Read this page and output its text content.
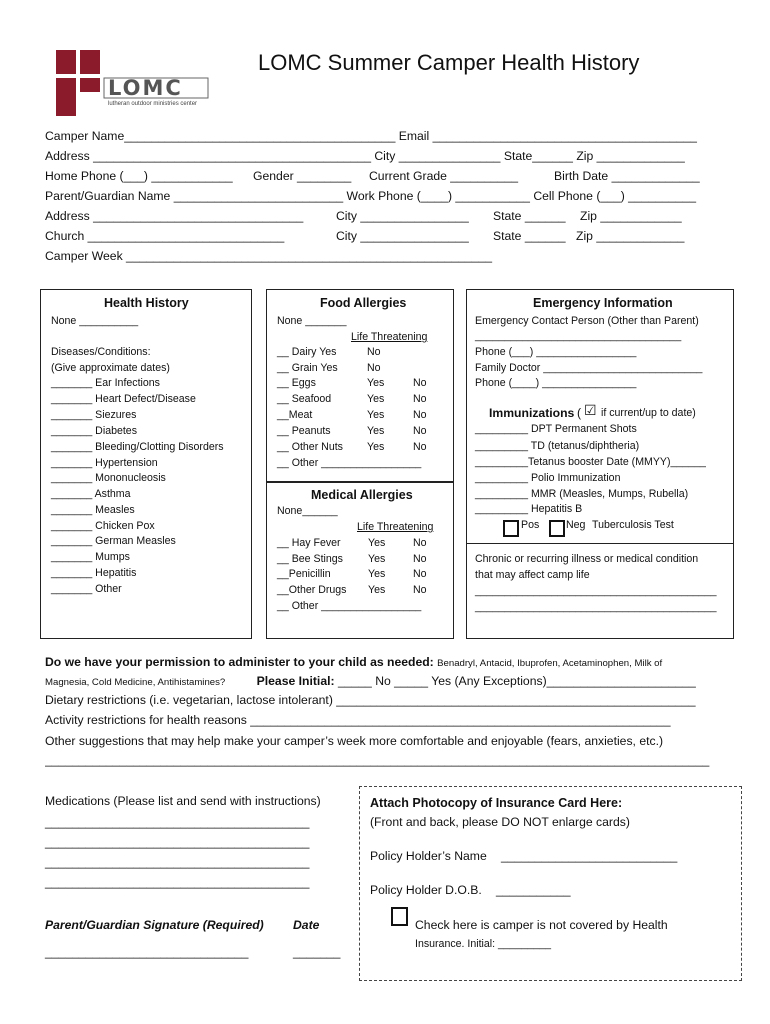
LOMC
lutheran outdoor ministries center
LOMC Summer Camper Health History
Camper Name________________________________________ Email _______________________________________
Address _________________________________________ City _______________ State______ Zip _____________
Home Phone (___) ____________ Gender ________ Current Grade __________	Birth Date _____________
Parent/Guardian Name _________________________ Work Phone (____) ___________ Cell Phone (___) __________
Address _______________________________	City ________________ State ______ Zip ____________
Church _____________________________	City ________________ State ______ Zip _____________
Camper Week ______________________________________________________
Health History
None __________
Diseases/Conditions:
(Give approximate dates)
_______ Ear Infections
_______ Heart Defect/Disease
_______ Siezures
_______ Diabetes
_______ Bleeding/Clotting Disorders
_______ Hypertension
_______ Mononucleosis
_______ Asthma
_______ Measles
_______ Chicken Pox
_______ German Measles
_______ Mumps
_______ Hepatitis
_______ Other
Food Allergies
None _______
Life Threatening
__ Dairy Yes	No
__ Grain Yes	No
__ Eggs	Yes	No
__ Seafood	Yes	No
__Meat	Yes	No
__ Peanuts	Yes	No
__ Other Nuts Yes	No
__ Other _________________
Medical Allergies
None______
Life Threatening
__ Hay Fever	Yes	No
__ Bee Stings Yes	No
__Penicillin	Yes	No
__Other Drugs Yes	No
__ Other _________________
Emergency Information
Emergency Contact Person (Other than Parent)
___________________________________
Phone (___) _________________
Family Doctor ___________________________
Phone (____) ________________
Immunizations ( ☑ if current/up to date)
_________ DPT Permanent Shots
_________ TD (tetanus/diphtheria)
_________Tetanus booster Date (MMYY)______
_________ Polio Immunization
_________ MMR (Measles, Mumps, Rubella)
_________ Hepatitis B
Pos	Neg Tuberculosis Test
Chronic or recurring illness or medical condition
that may affect camp life
_________________________________________
_________________________________________
Do we have your permission to administer to your child as needed: Benadryl, Antacid, Ibuprofen, Acetaminophen, Milk of
Magnesia, Cold Medicine, Antihistamines?	Please Initial: _____ No _____ Yes (Any Exceptions)______________________
Dietary restrictions (i.e. vegetarian, lactose intolerant) _____________________________________________________
Activity restrictions for health reasons ______________________________________________________________
Other suggestions that may help make your camper’s week more comfortable and enjoyable (fears, anxieties, etc.)
__________________________________________________________________________________________________
Medications (Please list and send with instructions)
_______________________________________
_______________________________________
_______________________________________
_______________________________________
Parent/Guardian Signature (Required) Date
______________________________	_______
Attach Photocopy of Insurance Card Here:
(Front and back, please DO NOT enlarge cards)
Policy Holder’s Name __________________________
Policy Holder D.O.B. ___________
Check here is camper is not covered by Health
Insurance. Initial: _________
